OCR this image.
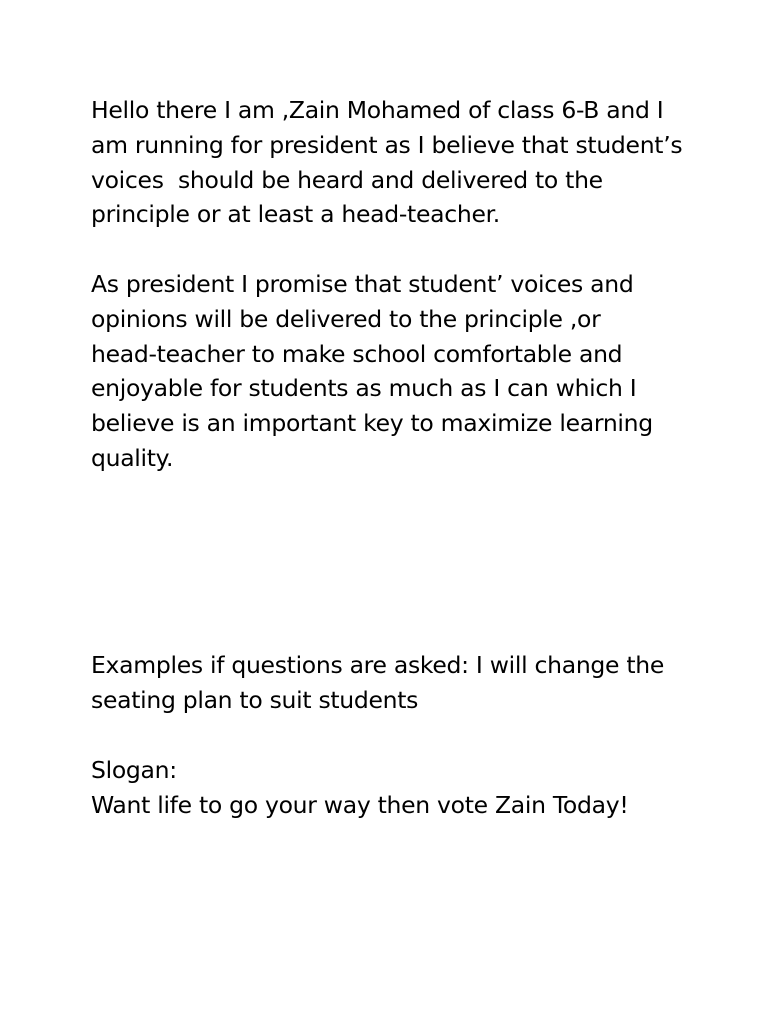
Hello there I am ,Zain Mohamed of class 6-B and I
am running for president as I believe that student’s
voices  should be heard and delivered to the
principle or at least a head-teacher.

As president I promise that student’ voices and
opinions will be delivered to the principle ,or
head-teacher to make school comfortable and
enjoyable for students as much as I can which I
believe is an important key to maximize learning
quality.

Examples if questions are asked: I will change the
seating plan to suit students

Slogan:
Want life to go your way then vote Zain Today!
